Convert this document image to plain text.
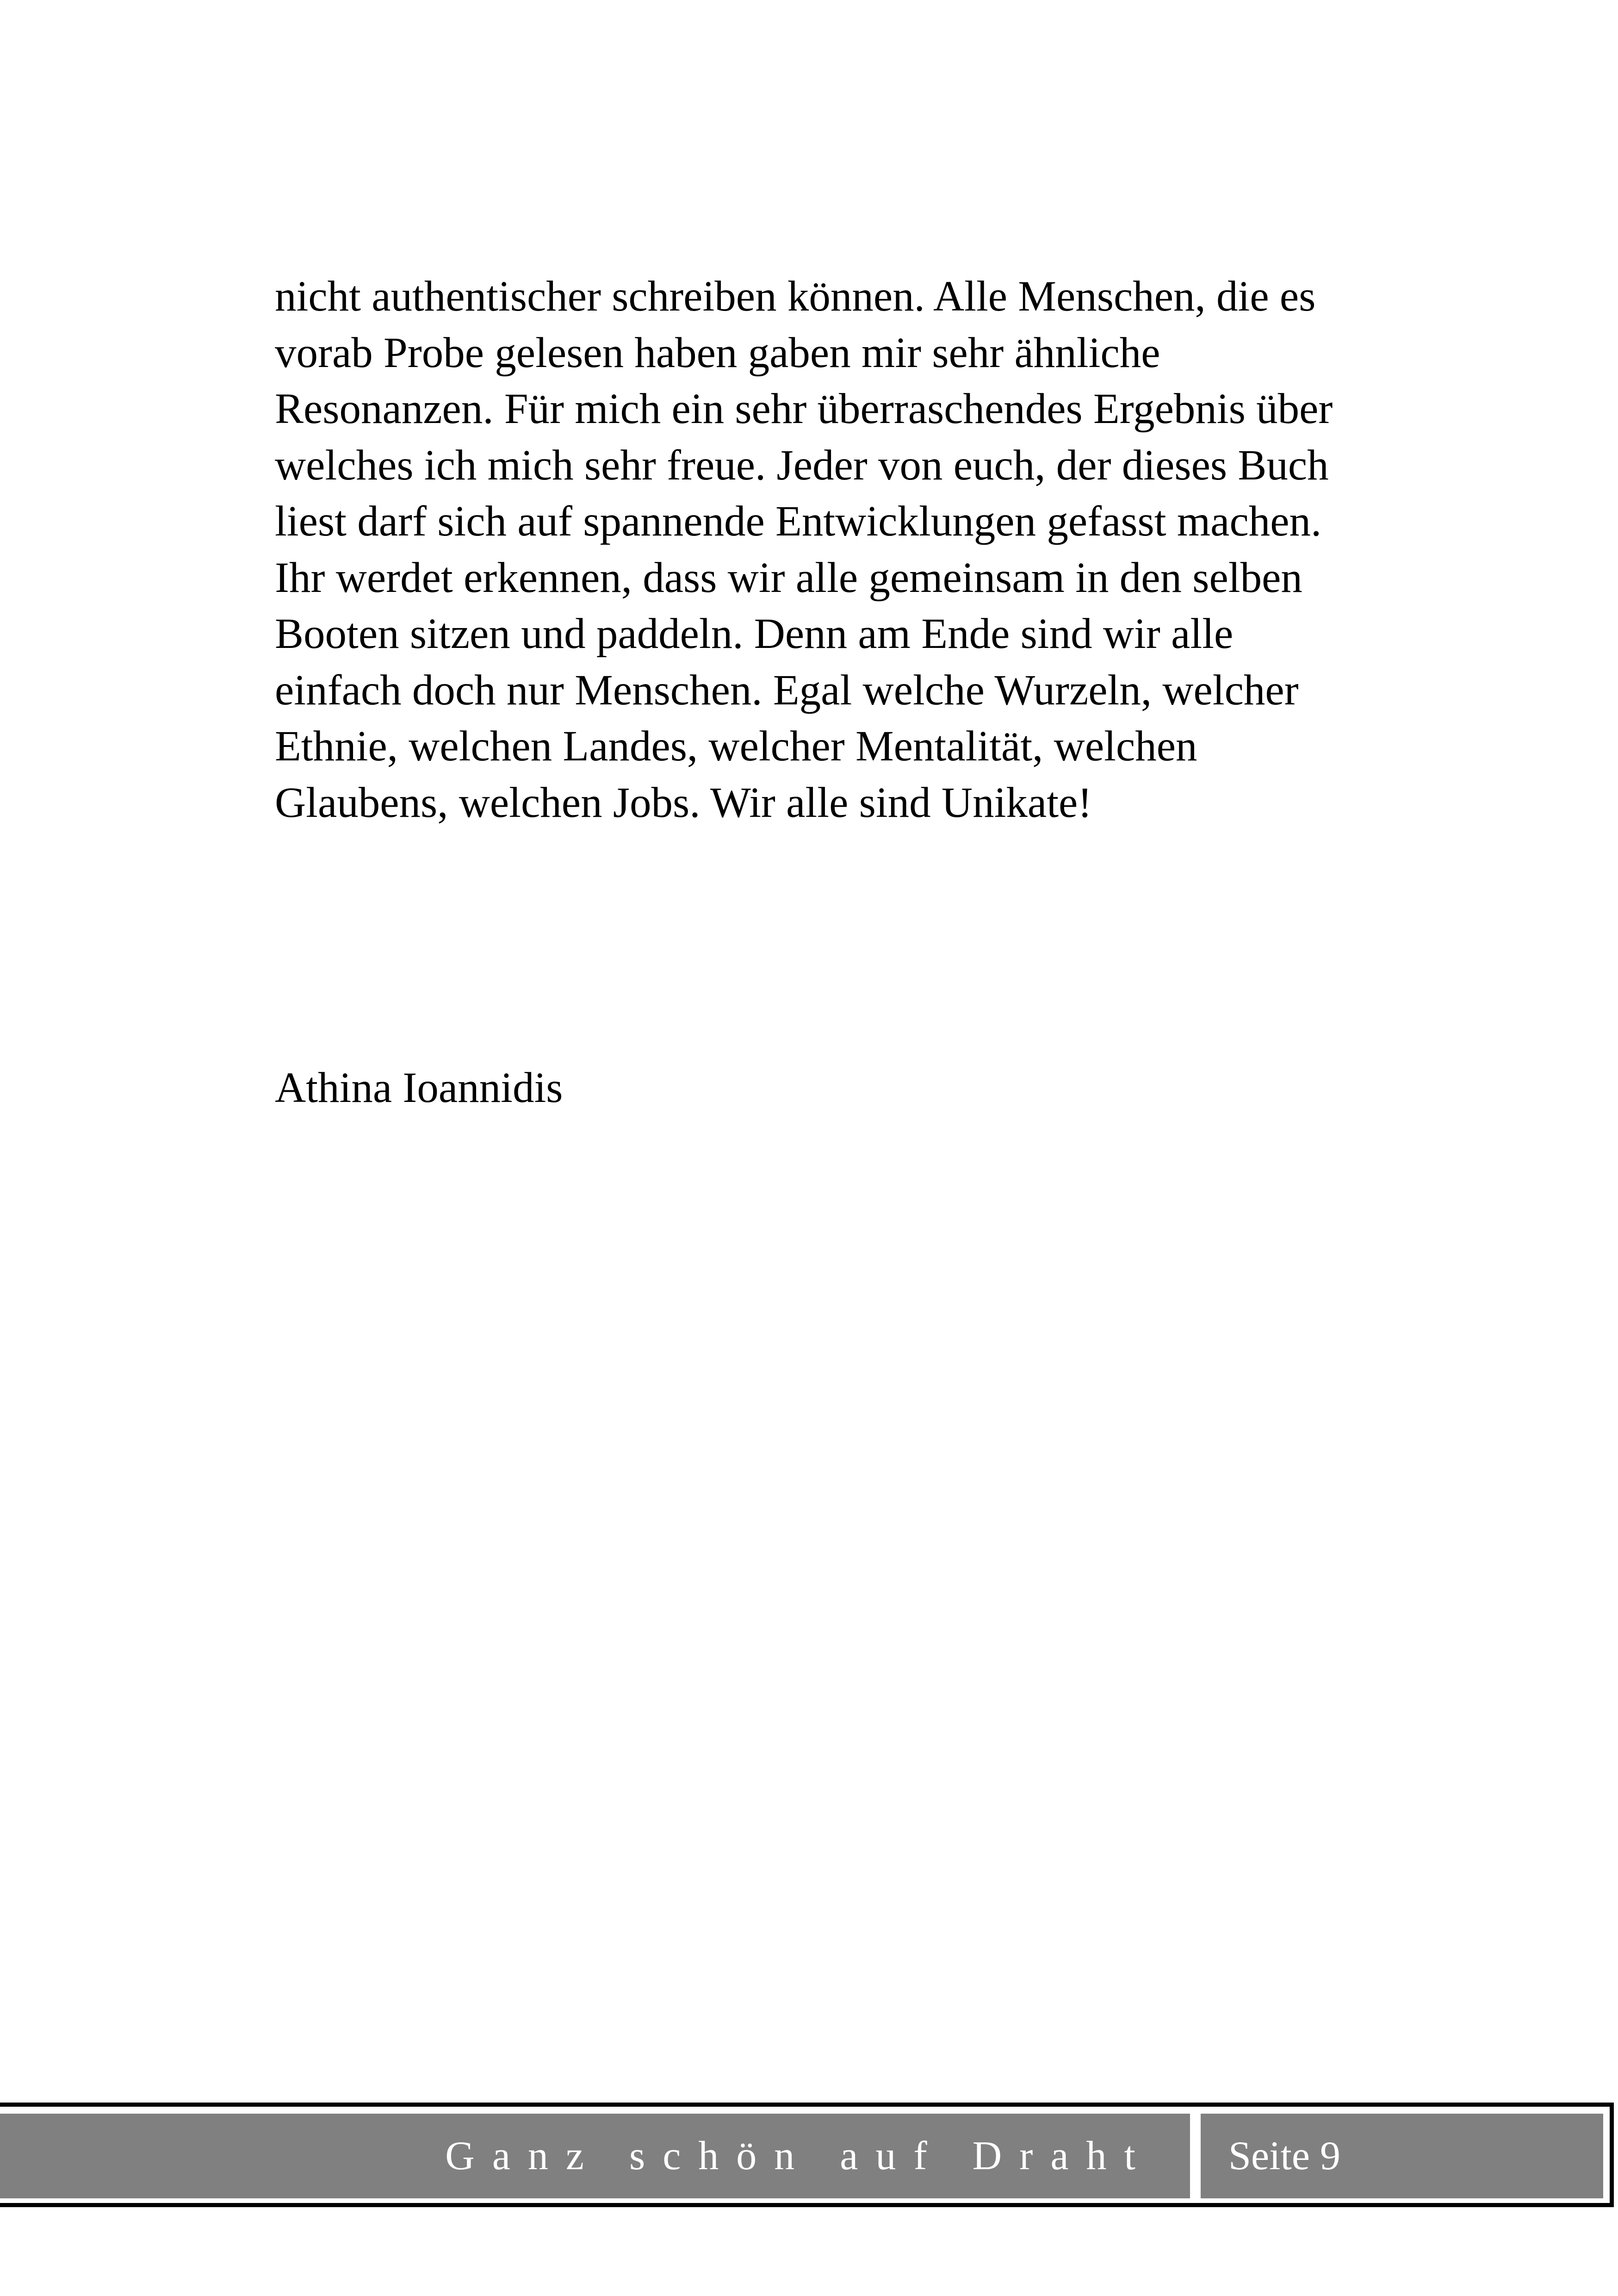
nicht authentischer schreiben können. Alle Menschen, die es
vorab Probe gelesen haben gaben mir sehr ähnliche
Resonanzen. Für mich ein sehr überraschendes Ergebnis über
welches ich mich sehr freue. Jeder von euch, der dieses Buch
liest darf sich auf spannende Entwicklungen gefasst machen.
Ihr werdet erkennen, dass wir alle gemeinsam in den selben
Booten sitzen und paddeln. Denn am Ende sind wir alle
einfach doch nur Menschen. Egal welche Wurzeln, welcher
Ethnie, welchen Landes, welcher Mentalität, welchen
Glaubens, welchen Jobs. Wir alle sind Unikate!
Athina Ioannidis
Ganz schön auf Draht Seite 9
